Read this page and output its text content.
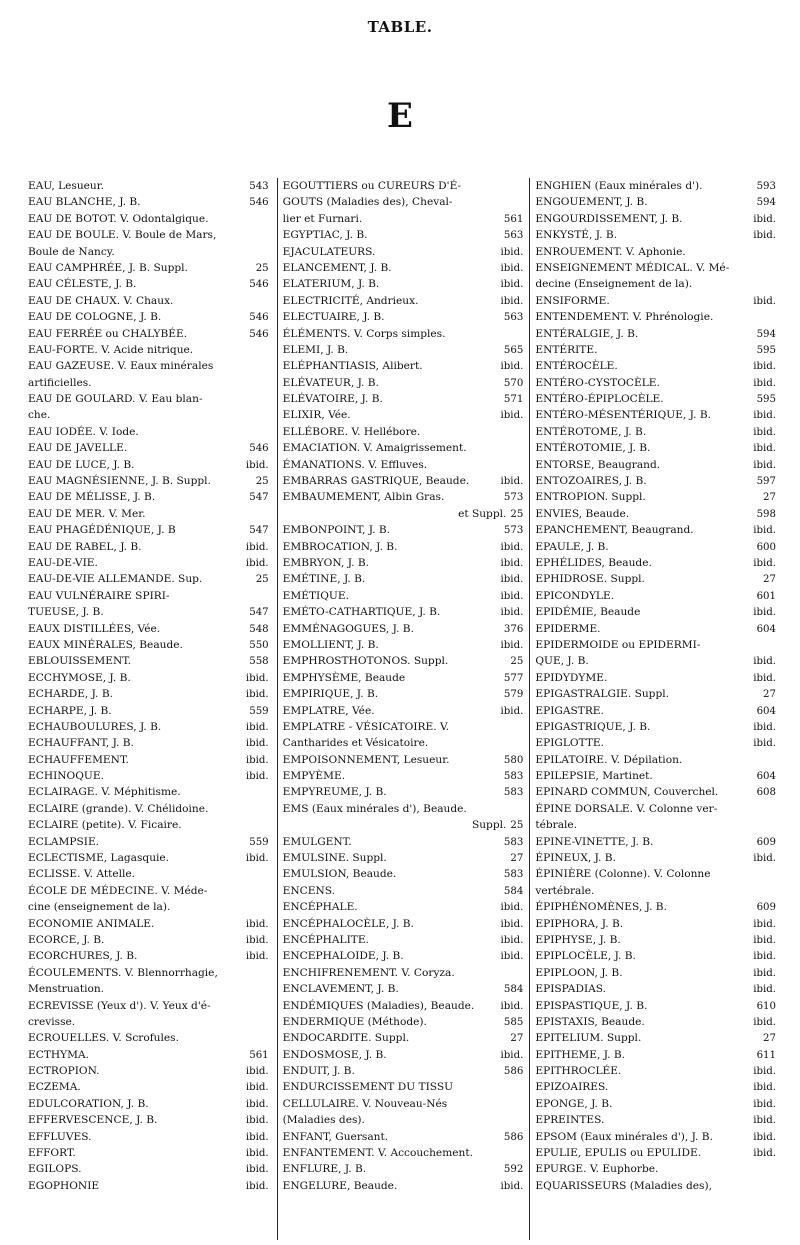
TABLE.
E
EAU, Lesueur.	543
EAU BLANCHE, J. B.	546
EAU DE BOTOT. V. Odontalgique.
EAU DE BOULE. V. Boule de Mars,
Boule de Nancy.
EAU CAMPHRÉE, J. B. Suppl.	25
EAU CÉLESTE, J. B.	546
EAU DE CHAUX. V. Chaux.
EAU DE COLOGNE, J. B.	546
EAU FERRÉE ou CHALYBÉE.	546
EAU-FORTE. V. Acide nitrique.
EAU GAZEUSE. V. Eaux minérales
artificielles.
EAU DE GOULARD. V. Eau blan-
che.
EAU IODÉE. V. Iode.
EAU DE JAVELLE.	546
EAU DE LUCE, J. B.	ibid.
EAU MAGNÉSIENNE, J. B. Suppl.	25
EAU DE MÉLISSE, J. B.	547
EAU DE MER. V. Mer.
EAU PHAGÉDÉNIQUE, J. B	547
EAU DE RABEL, J. B.	ibid.
EAU-DE-VIE.	ibid.
EAU-DE-VIE ALLEMANDE. Sup.	25
EAU VULNÉRAIRE SPIRI-
TUEUSE, J. B.	547
EAUX DISTILLÉES, Vée.	548
EAUX MINÉRALES, Beaude.	550
EBLOUISSEMENT.	558
ECCHYMOSE, J. B.	ibid.
ECHARDE, J. B.	ibid.
ECHARPE, J. B.	559
ECHAUBOULURES, J. B.	ibid.
ECHAUFFANT, J. B.	ibid.
ECHAUFFEMENT.	ibid.
ECHINOQUE.	ibid.
ECLAIRAGE. V. Méphitisme.
ECLAIRE (grande). V. Chélidoine.
ECLAIRE (petite). V. Ficaire.
ECLAMPSIE.	559
ECLECTISME, Lagasquie.	ibid.
ECLISSE. V. Attelle.
ÉCOLE DE MÉDECINE. V. Méde-
cine (enseignement de la).
ECONOMIE ANIMALE.	ibid.
ECORCE, J. B.	ibid.
ECORCHURES, J. B.	ibid.
ÉCOULEMENTS. V. Blennorrhagie,
Menstruation.
ECREVISSE (Yeux d'). V. Yeux d'é-
crevisse.
ECROUELLES. V. Scrofules.
ECTHYMA.	561
ECTROPION.	ibid.
ECZEMA.	ibid.
EDULCORATION, J. B.	ibid.
EFFERVESCENCE, J. B.	ibid.
EFFLUVES.	ibid.
EFFORT.	ibid.
EGILOPS.	ibid.
EGOPHONIE	ibid.
EGOUTTIERS ou CUREURS D'É-
GOUTS (Maladies des), Cheval-
lier et Furnari.	561
EGYPTIAC, J. B.	563
EJACULATEURS.	ibid.
ELANCEMENT, J. B.	ibid.
ELATERIUM, J. B.	ibid.
ELECTRICITÉ, Andrieux.	ibid.
ELECTUAIRE, J. B.	563
ÉLÉMENTS. V. Corps simples.
ELEMI, J. B.	565
ELÉPHANTIASIS, Alibert.	ibid.
ELÉVATEUR, J. B.	570
ELÉVATOIRE, J. B.	571
ELIXIR, Vée.	ibid.
ELLÉBORE. V. Hellébore.
EMACIATION. V. Amaigrissement.
ÉMANATIONS. V. Effluves.
EMBARRAS GASTRIQUE, Beaude.	ibid.
EMBAUMEMENT, Albin Gras.	573
et Suppl. 25
EMBONPOINT, J. B.	573
EMBROCATION, J. B.	ibid.
EMBRYON, J. B.	ibid.
EMÉTINE, J. B.	ibid.
EMÉTIQUE.	ibid.
EMÉTO-CATHARTIQUE, J. B.	ibid.
EMMÉNAGOGUES, J. B.	376
EMOLLIENT, J. B.	ibid.
EMPHROSTHOTONOS. Suppl.	25
EMPHYSÈME, Beaude	577
EMPIRIQUE, J. B.	579
EMPLATRE, Vée.	ibid.
EMPLATRE - VÉSICATOIRE. V.
Cantharides et Vésicatoire.
EMPOISONNEMENT, Lesueur.	580
EMPYÈME.	583
EMPYREUME, J. B.	583
EMS (Eaux minérales d'), Beaude.
Suppl. 25
EMULGENT.	583
EMULSINE. Suppl.	27
EMULSION, Beaude.	583
ENCENS.	584
ENCÉPHALE.	ibid.
ENCÉPHALOCÈLE, J. B.	ibid.
ENCÉPHALITE.	ibid.
ENCEPHALOIDE, J. B.	ibid.
ENCHIFRENEMENT. V. Coryza.
ENCLAVEMENT, J. B.	584
ENDÉMIQUES (Maladies), Beaude.	ibid.
ENDERMIQUE (Méthode).	585
ENDOCARDITE. Suppl.	27
ENDOSMOSE, J. B.	ibid.
ENDUIT, J. B.	586
ENDURCISSEMENT DU TISSU
CELLULAIRE. V. Nouveau-Nés
(Maladies des).
ENFANT, Guersant.	586
ENFANTEMENT. V. Accouchement.
ENFLURE, J. B.	592
ENGELURE, Beaude.	ibid.
ENGHIEN (Eaux minérales d').	593
ENGOUEMENT, J. B.	594
ENGOURDISSEMENT, J. B.	ibid.
ENKYSTÉ, J. B.	ibid.
ENROUEMENT. V. Aphonie.
ENSEIGNEMENT MÉDICAL. V. Mé-
decine (Enseignement de la).
ENSIFORME.	ibid.
ENTENDEMENT. V. Phrénologie.
ENTÉRALGIE, J. B.	594
ENTÉRITE.	595
ENTÉROCÈLE.	ibid.
ENTÉRO-CYSTOCÈLE.	ibid.
ENTÉRO-ÉPIPLOCÈLE.	595
ENTÉRO-MÉSENTÉRIQUE, J. B.	ibid.
ENTÉROTOME, J. B.	ibid.
ENTÉROTOMIE, J. B.	ibid.
ENTORSE, Beaugrand.	ibid.
ENTOZOAIRES, J. B.	597
ENTROPION. Suppl.	27
ENVIES, Beaude.	598
EPANCHEMENT, Beaugrand.	ibid.
EPAULE, J. B.	600
EPHÉLIDES, Beaude.	ibid.
EPHIDROSE. Suppl.	27
EPICONDYLE.	601
EPIDÉMIE, Beaude	ibid.
EPIDERME.	604
EPIDERMOIDE ou EPIDERMI-
QUE, J. B.	ibid.
EPIDYDYME.	ibid.
EPIGASTRALGIE. Suppl.	27
EPIGASTRE.	604
EPIGASTRIQUE, J. B.	ibid.
EPIGLOTTE.	ibid.
EPILATOIRE. V. Dépilation.
EPILEPSIE, Martinet.	604
EPINARD COMMUN, Couverchel.	608
ÉPINE DORSALE. V. Colonne ver-
tébrale.
EPINE-VINETTE, J. B.	609
ÉPINEUX, J. B.	ibid.
ÉPINIÈRE (Colonne). V. Colonne
vertébrale.
ÉPIPHÉNOMÈNES, J. B.	609
EPIPHORA, J. B.	ibid.
EPIPHYSE, J. B.	ibid.
EPIPLOCÈLE, J. B.	ibid.
EPIPLOON, J. B.	ibid.
EPISPADIAS.	ibid.
EPISPASTIQUE, J. B.	610
EPISTAXIS, Beaude.	ibid.
EPITELIUM. Suppl.	27
EPITHEME, J. B.	611
EPITHROCLÉE.	ibid.
EPIZOAIRES.	ibid.
EPONGE, J. B.	ibid.
EPREINTES.	ibid.
EPSOM (Eaux minérales d'), J. B.	ibid.
EPULIE, EPULIS ou EPULIDE.	ibid.
EPURGE. V. Euphorbe.
EQUARISSEURS (Maladies des),
